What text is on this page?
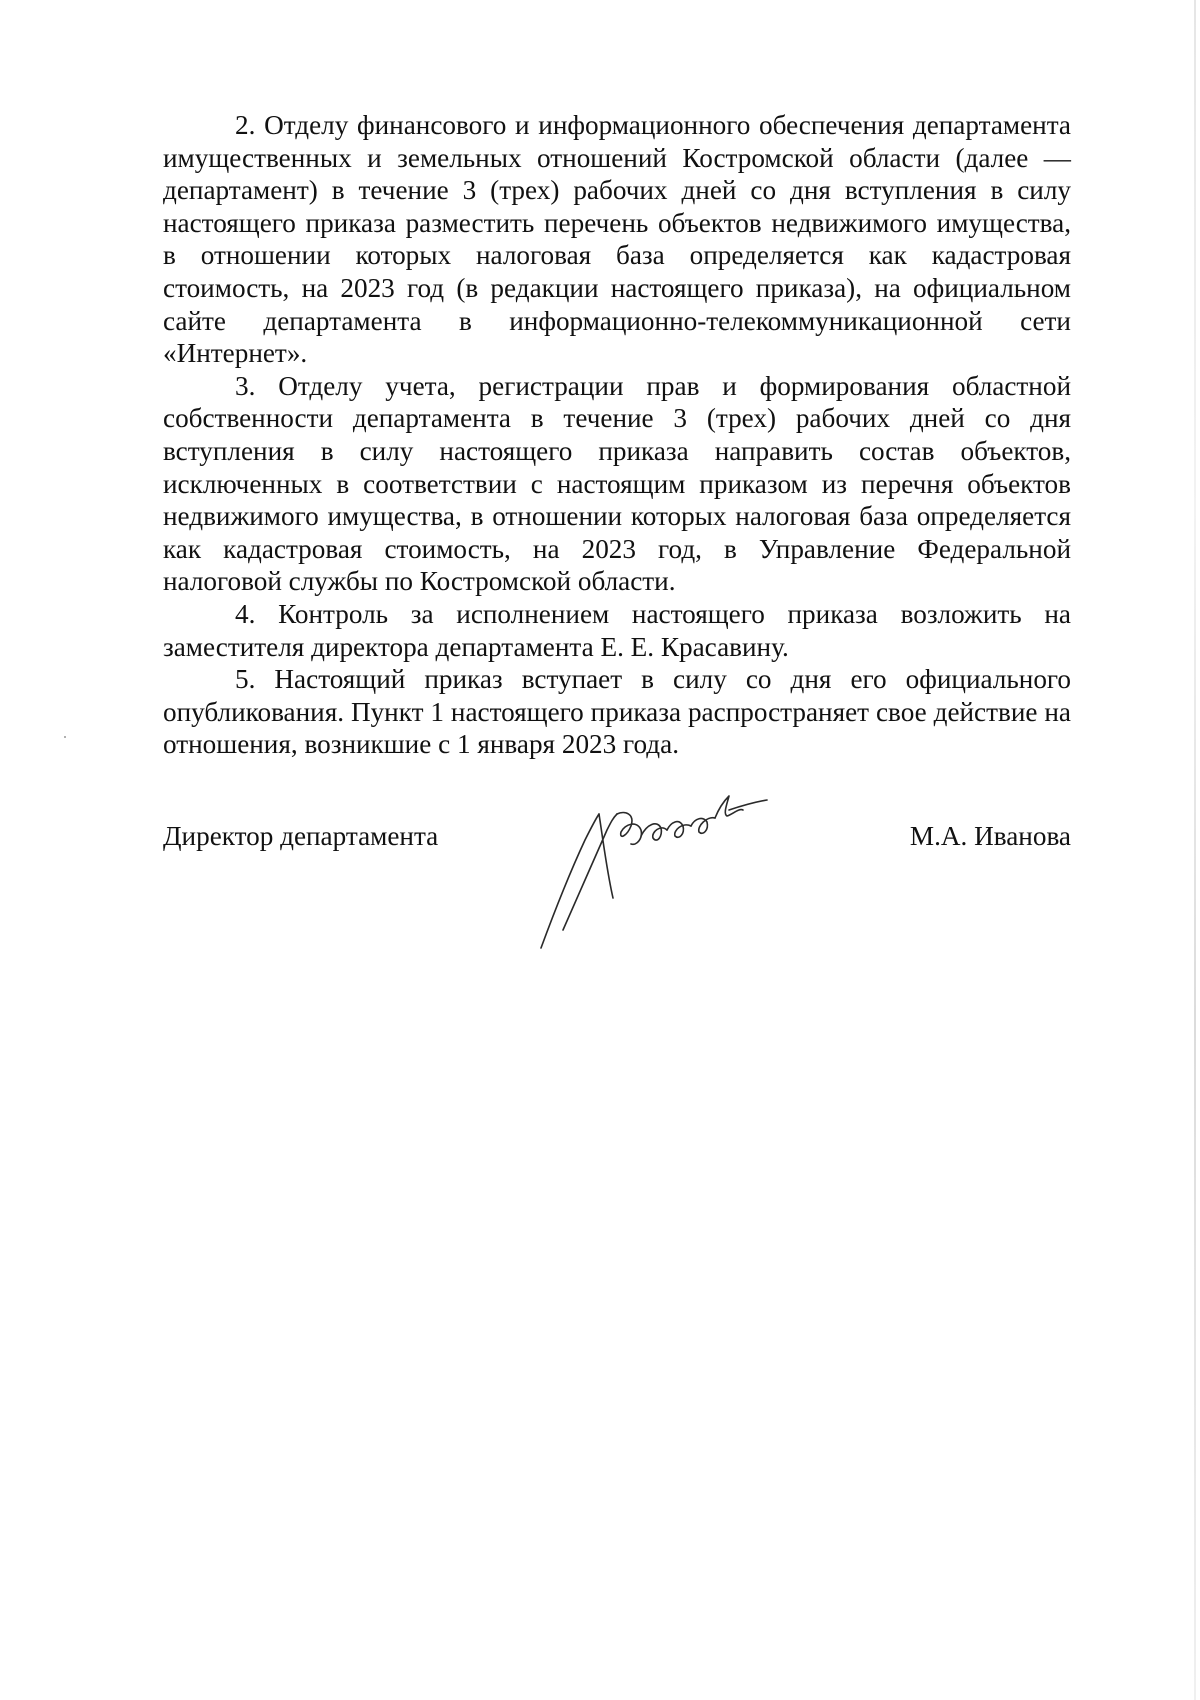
2. Отделу финансового и информационного обеспечения департамента имущественных и земельных отношений Костромской области (далее — департамент) в течение 3 (трех) рабочих дней со дня вступления в силу настоящего приказа разместить перечень объектов недвижимого имущества, в отношении которых налоговая база определяется как кадастровая стоимость, на 2023 год (в редакции настоящего приказа), на официальном сайте департамента в информационно-телекоммуникационной сети «Интернет».

3. Отделу учета, регистрации прав и формирования областной собственности департамента в течение 3 (трех) рабочих дней со дня вступления в силу настоящего приказа направить состав объектов, исключенных в соответствии с настоящим приказом из перечня объектов недвижимого имущества, в отношении которых налоговая база определяется как кадастровая стоимость, на 2023 год, в Управление Федеральной налоговой службы по Костромской области.

4. Контроль за исполнением настоящего приказа возложить на заместителя директора департамента Е. Е. Красавину.

5. Настоящий приказ вступает в силу со дня его официального опубликования. Пункт 1 настоящего приказа распространяет свое действие на отношения, возникшие с 1 января 2023 года.

Директор департамента	М.А. Иванова
